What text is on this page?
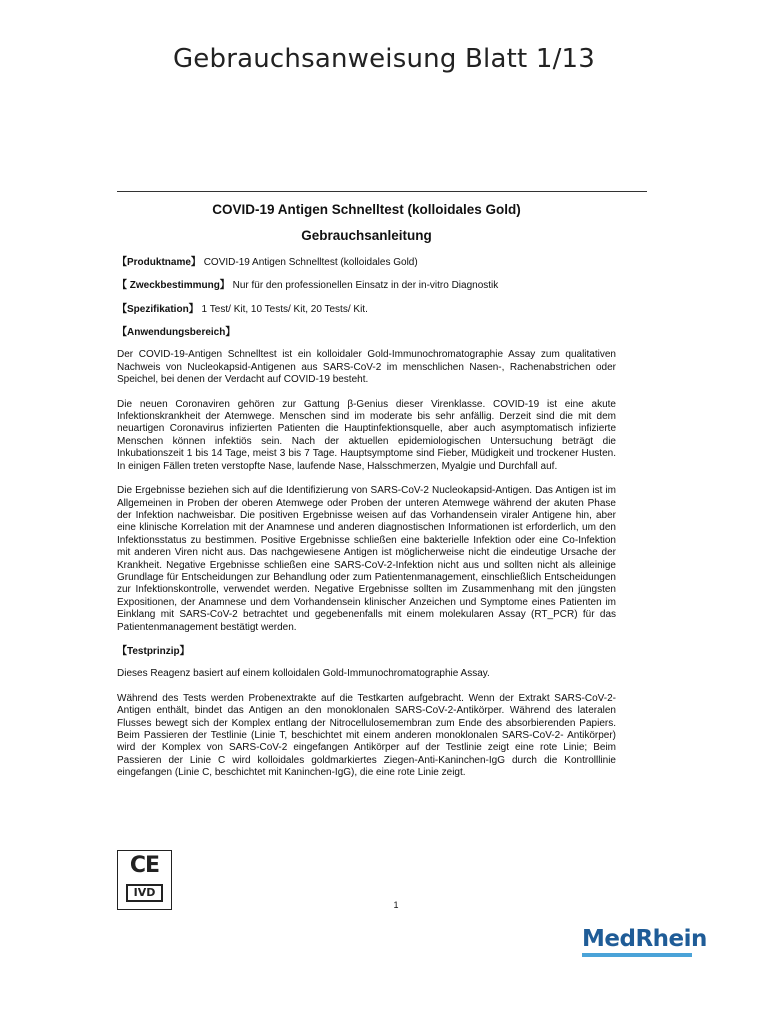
Gebrauchsanweisung Blatt 1/13
COVID-19 Antigen Schnelltest (kolloidales Gold)
Gebrauchsanleitung
【Produktname】 COVID-19 Antigen Schnelltest (kolloidales Gold)
【 Zweckbestimmung】 Nur für den professionellen Einsatz in der in-vitro Diagnostik
【Spezifikation】 1 Test/ Kit, 10 Tests/ Kit, 20 Tests/ Kit.
【Anwendungsbereich】

Der COVID-19-Antigen Schnelltest ist ein kolloidaler Gold-Immunochromatographie Assay zum qualitativen Nachweis von Nucleokapsid-Antigenen aus SARS-CoV-2 im menschlichen Nasen-, Rachenabstrichen oder Speichel, bei denen der Verdacht auf COVID-19 besteht.

Die neuen Coronaviren gehören zur Gattung β-Genius dieser Virenklasse. COVID-19 ist eine akute Infektionskrankheit der Atemwege. Menschen sind im moderate bis sehr anfällig. Derzeit sind die mit dem neuartigen Coronavirus infizierten Patienten die Hauptinfektionsquelle, aber auch asymptomatisch infizierte Menschen können infektiös sein. Nach der aktuellen epidemiologischen Untersuchung beträgt die Inkubationszeit 1 bis 14 Tage, meist 3 bis 7 Tage. Hauptsymptome sind Fieber, Müdigkeit und trockener Husten. In einigen Fällen treten verstopfte Nase, laufende Nase, Halsschmerzen, Myalgie und Durchfall auf.

Die Ergebnisse beziehen sich auf die Identifizierung von SARS-CoV-2 Nucleokapsid-Antigen. Das Antigen ist im Allgemeinen in Proben der oberen Atemwege oder Proben der unteren Atemwege während der akuten Phase der Infektion nachweisbar. Die positiven Ergebnisse weisen auf das Vorhandensein viraler Antigene hin, aber eine klinische Korrelation mit der Anamnese und anderen diagnostischen Informationen ist erforderlich, um den Infektionsstatus zu bestimmen. Positive Ergebnisse schließen eine bakterielle Infektion oder eine Co-Infektion mit anderen Viren nicht aus. Das nachgewiesene Antigen ist möglicherweise nicht die eindeutige Ursache der Krankheit. Negative Ergebnisse schließen eine SARS-CoV-2-Infektion nicht aus und sollten nicht als alleinige Grundlage für Entscheidungen zur Behandlung oder zum Patientenmanagement, einschließlich Entscheidungen zur Infektionskontrolle, verwendet werden. Negative Ergebnisse sollten im Zusammenhang mit den jüngsten Expositionen, der Anamnese und dem Vorhandensein klinischer Anzeichen und Symptome eines Patienten im Einklang mit SARS-CoV-2 betrachtet und gegebenenfalls mit einem molekularen Assay (RT_PCR) für das Patientenmanagement bestätigt werden.

【Testprinzip】

Dieses Reagenz basiert auf einem kolloidalen Gold-Immunochromatographie Assay.

Während des Tests werden Probenextrakte auf die Testkarten aufgebracht. Wenn der Extrakt SARS-CoV-2-Antigen enthält, bindet das Antigen an den monoklonalen SARS-CoV-2-Antikörper. Während des lateralen Flusses bewegt sich der Komplex entlang der Nitrocellulosemembran zum Ende des absorbierenden Papiers. Beim Passieren der Testlinie (Linie T, beschichtet mit einem anderen monoklonalen SARS-CoV-2- Antikörper) wird der Komplex von SARS-CoV-2 eingefangen Antikörper auf der Testlinie zeigt eine rote Linie; Beim Passieren der Linie C wird kolloidales goldmarkiertes Ziegen-Anti-Kaninchen-IgG durch die Kontrolllinie eingefangen (Linie C, beschichtet mit Kaninchen-IgG), die eine rote Linie zeigt.

CE
IVD
1
MedRhein
